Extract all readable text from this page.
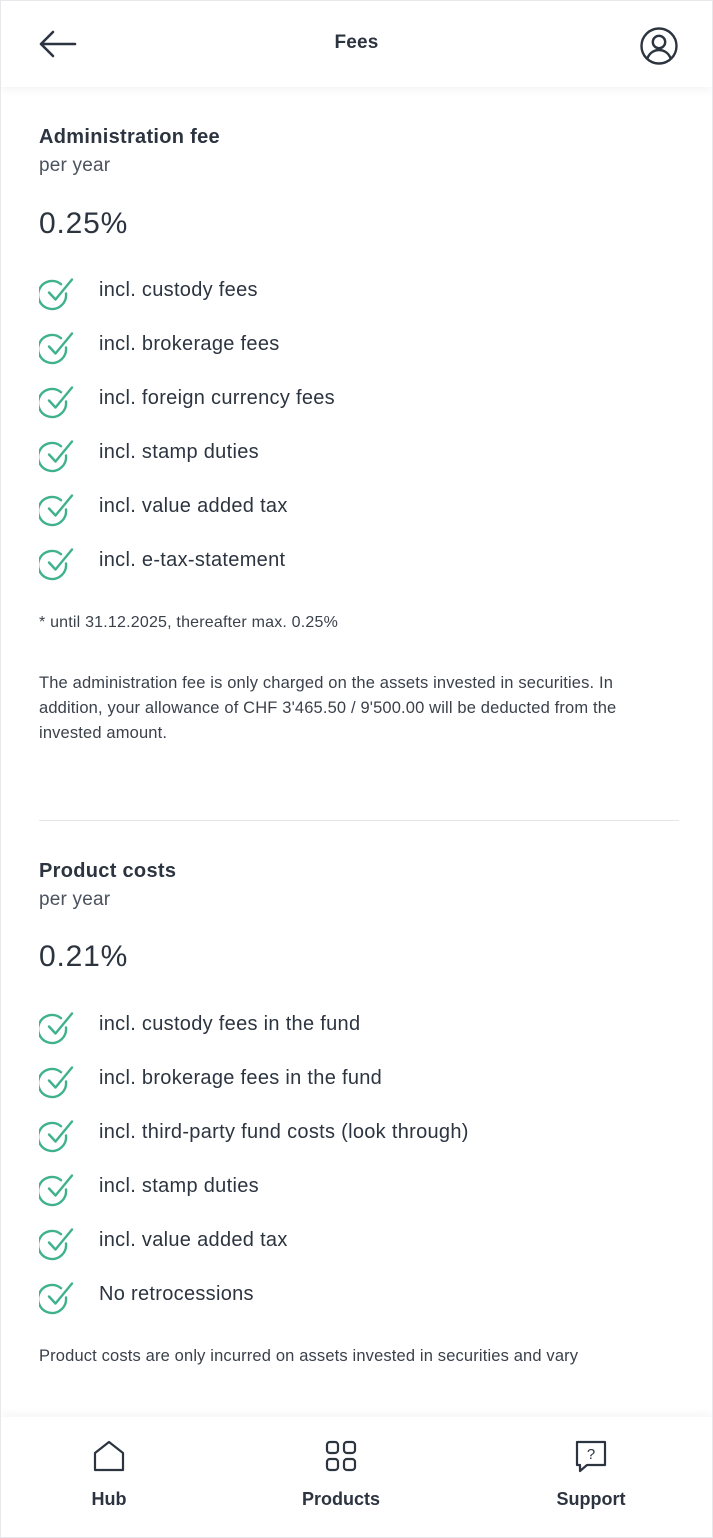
Fees
Administration fee
per year
0.25%
incl. custody fees
incl. brokerage fees
incl. foreign currency fees
incl. stamp duties
incl. value added tax
incl. e-tax-statement
* until 31.12.2025, thereafter max. 0.25%
The administration fee is only charged on the assets invested in securities. In addition, your allowance of CHF 3'465.50 / 9'500.00 will be deducted from the invested amount.
Product costs
per year
0.21%
incl. custody fees in the fund
incl. brokerage fees in the fund
incl. third-party fund costs (look through)
incl. stamp duties
incl. value added tax
No retrocessions
Product costs are only incurred on assets invested in securities and vary
Hub	Products
?
Support
